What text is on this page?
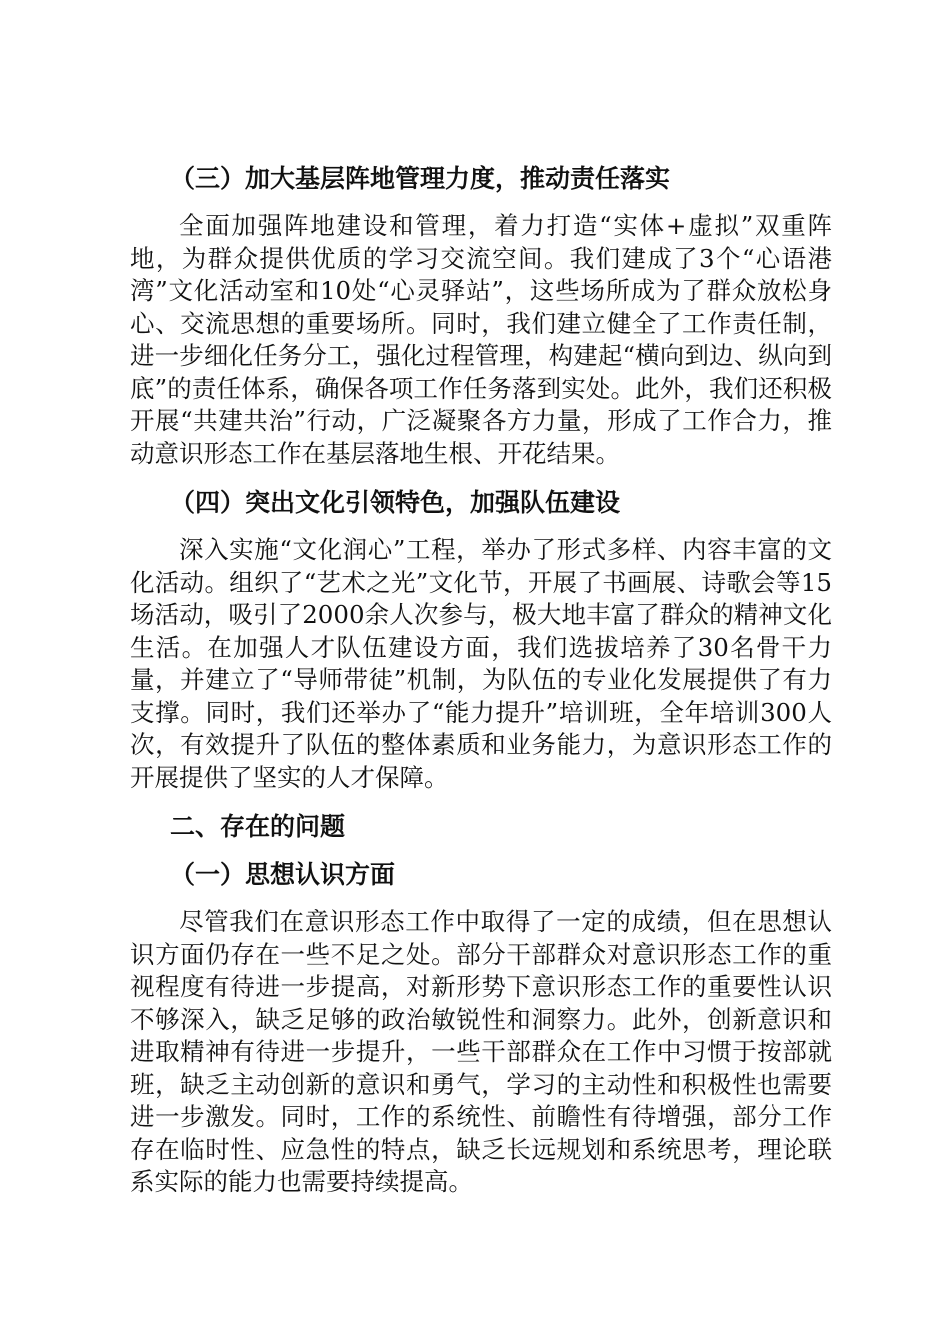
（三）加大基层阵地管理力度，推动责任落实

全面加强阵地建设和管理，着力打造“实体+虚拟”双重阵地，为群众提供优质的学习交流空间。我们建成了3个“心语港湾”文化活动室和10处“心灵驿站”，这些场所成为了群众放松身心、交流思想的重要场所。同时，我们建立健全了工作责任制，进一步细化任务分工，强化过程管理，构建起“横向到边、纵向到底”的责任体系，确保各项工作任务落到实处。此外，我们还积极开展“共建共治”行动，广泛凝聚各方力量，形成了工作合力，推动意识形态工作在基层落地生根、开花结果。

（四）突出文化引领特色，加强队伍建设

深入实施“文化润心”工程，举办了形式多样、内容丰富的文化活动。组织了“艺术之光”文化节，开展了书画展、诗歌会等15场活动，吸引了2000余人次参与，极大地丰富了群众的精神文化生活。在加强人才队伍建设方面，我们选拔培养了30名骨干力量，并建立了“导师带徒”机制，为队伍的专业化发展提供了有力支撑。同时，我们还举办了“能力提升”培训班，全年培训300人次，有效提升了队伍的整体素质和业务能力，为意识形态工作的开展提供了坚实的人才保障。

二、存在的问题
（一）思想认识方面

尽管我们在意识形态工作中取得了一定的成绩，但在思想认识方面仍存在一些不足之处。部分干部群众对意识形态工作的重视程度有待进一步提高，对新形势下意识形态工作的重要性认识不够深入，缺乏足够的政治敏锐性和洞察力。此外，创新意识和进取精神有待进一步提升，一些干部群众在工作中习惯于按部就班，缺乏主动创新的意识和勇气，学习的主动性和积极性也需要进一步激发。同时，工作的系统性、前瞻性有待增强，部分工作存在临时性、应急性的特点，缺乏长远规划和系统思考，理论联系实际的能力也需要持续提高。
